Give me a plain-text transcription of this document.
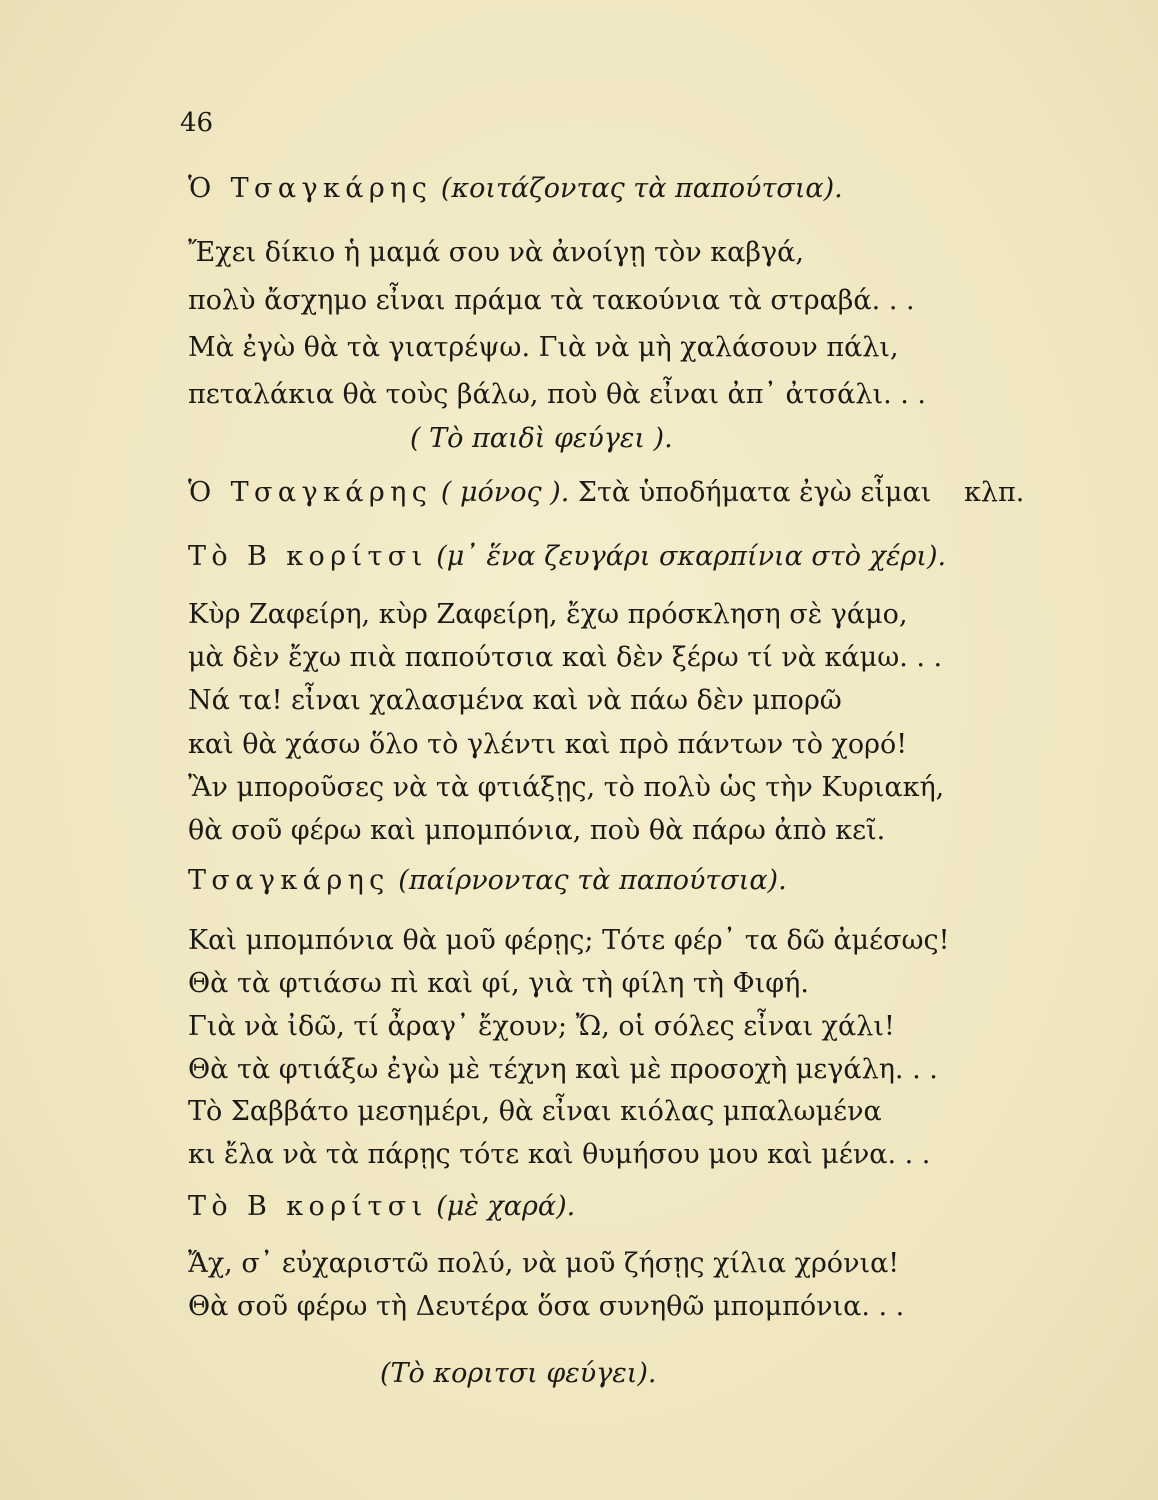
46
Ὁ Τσαγκάρης (κοιτάζοντας τὰ παπούτσια).
Ἔχει δίκιο ἡ μαμά σου νὰ ἀνοίγῃ τὸν καβγά,
πολὺ ἄσχημο εἶναι πράμα τὰ τακούνια τὰ στραβά. . .
Μὰ ἐγὼ θὰ τὰ γιατρέψω. Γιὰ νὰ μὴ χαλάσουν πάλι,
πεταλάκια θὰ τοὺς βάλω, ποὺ θὰ εἶναι ἀπ᾿ ἀτσάλι. . .
( Τὸ παιδὶ φεύγει ).
Ὁ Τσαγκάρης ( μόνος ). Στὰ ὑποδήματα ἐγὼ εἶμαι κλπ.
Τὸ Β κορίτσι (μ᾿ ἕνα ζευγάρι σκαρπίνια στὸ χέρι).
Κὺρ Ζαφείρη, κὺρ Ζαφείρη, ἔχω πρόσκληση σὲ γάμο,
μὰ δὲν ἔχω πιὰ παπούτσια καὶ δὲν ξέρω τί νὰ κάμω. . .
Νά τα! εἶναι χαλασμένα καὶ νὰ πάω δὲν μπορῶ
καὶ θὰ χάσω ὅλο τὸ γλέντι καὶ πρὸ πάντων τὸ χορό!
Ἂν μποροῦσες νὰ τὰ φτιάξῃς, τὸ πολὺ ὡς τὴν Κυριακή,
θὰ σοῦ φέρω καὶ μπομπόνια, ποὺ θὰ πάρω ἀπὸ κεῖ.
Τσαγκάρης (παίρνοντας τὰ παπούτσια).
Καὶ μπομπόνια θὰ μοῦ φέρῃς; Τότε φέρ᾿ τα δῶ ἀμέσως!
Θὰ τὰ φτιάσω πὶ καὶ φί, γιὰ τὴ φίλη τὴ Φιφή.
Γιὰ νὰ ἰδῶ, τί ἆραγ᾿ ἔχουν; Ὤ, οἱ σόλες εἶναι χάλι!
Θὰ τὰ φτιάξω ἐγὼ μὲ τέχνη καὶ μὲ προσοχὴ μεγάλη. . .
Τὸ Σαββάτο μεσημέρι, θὰ εἶναι κιόλας μπαλωμένα
κι ἔλα νὰ τὰ πάρῃς τότε καὶ θυμήσου μου καὶ μένα. . .
Τὸ Β κορίτσι (μὲ χαρά).
Ἄχ, σ᾿ εὐχαριστῶ πολύ, νὰ μοῦ ζήσῃς χίλια χρόνια!
Θὰ σοῦ φέρω τὴ Δευτέρα ὅσα συνηθῶ μπομπόνια. . .
(Τὸ κοριτσι φεύγει).
